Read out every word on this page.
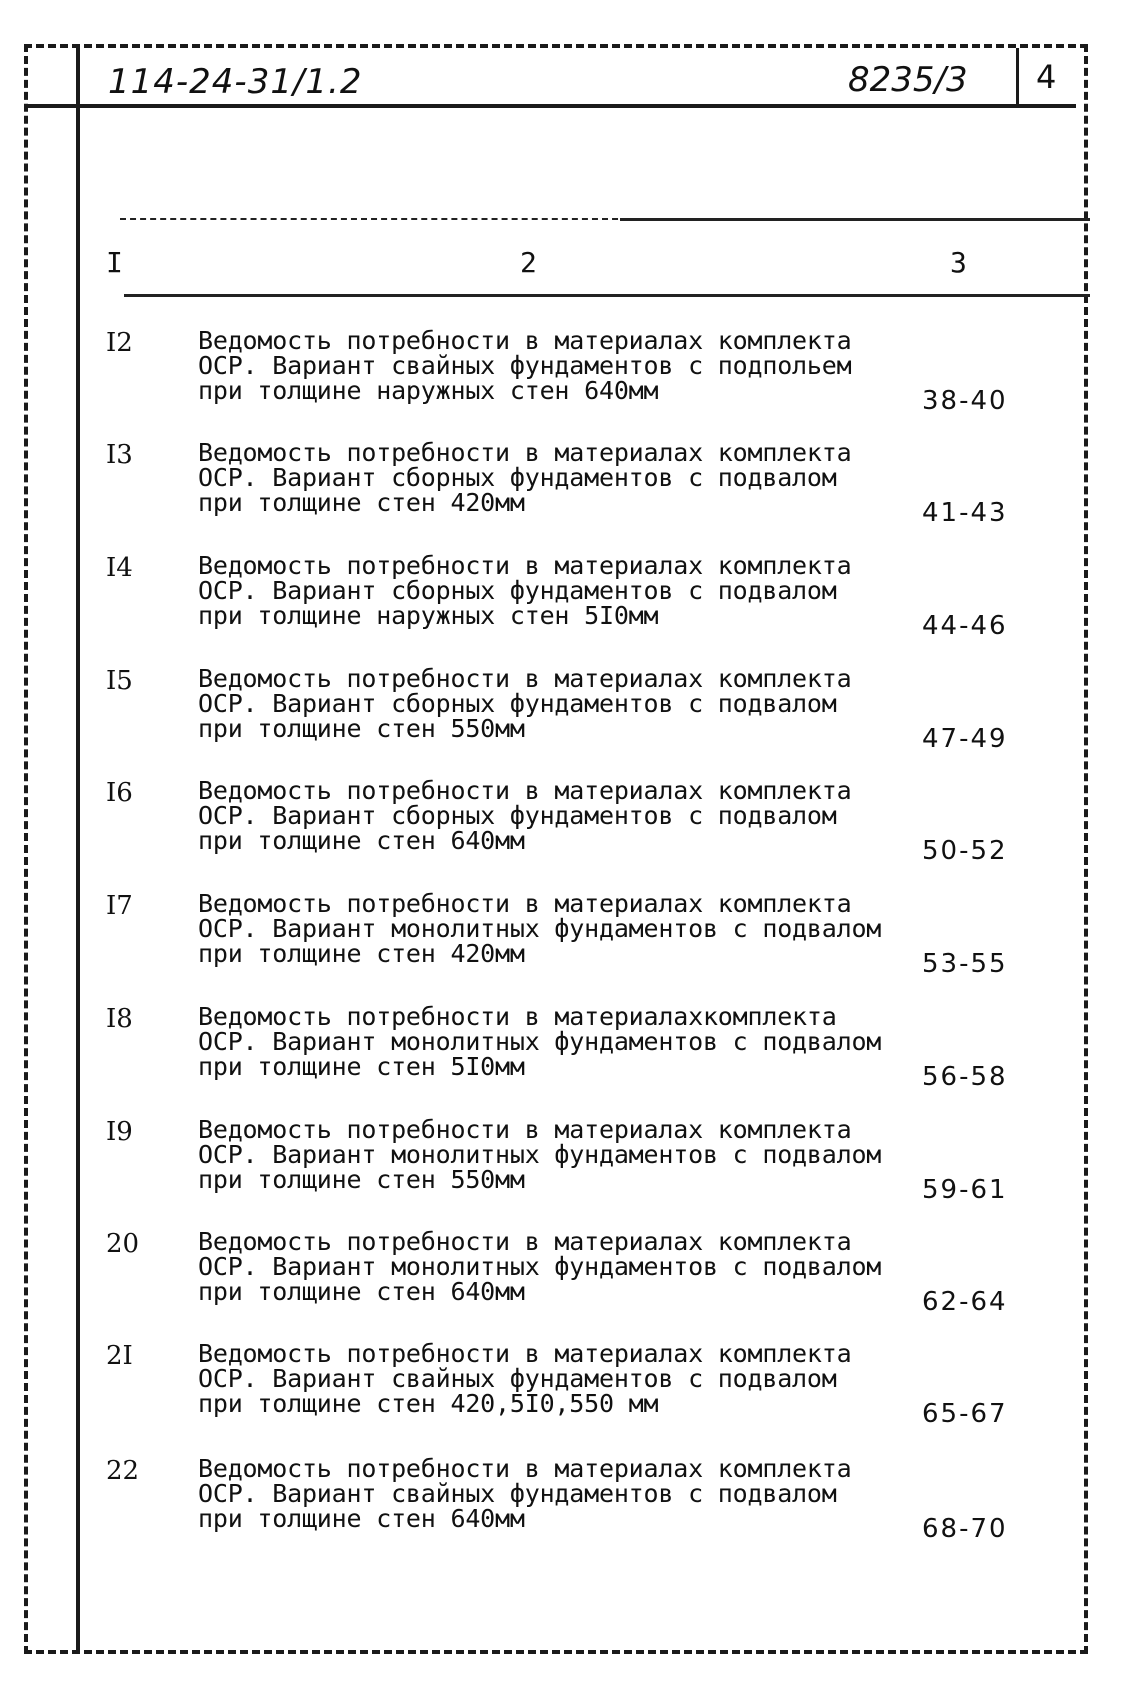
114-24-31/1.2	8235/3 4
I	2	3
I2	Ведомость потребности в материалах комплекта
ОСР. Вариант свайных фундаментов с подпольем
при толщине наружных стен 640мм	38-40
I3	Ведомость потребности в материалах комплекта
ОСР. Вариант сборных фундаментов с подвалом
при толщине стен 420мм	41-43
I4	Ведомость потребности в материалах комплекта
ОСР. Вариант сборных фундаментов с подвалом
при толщине наружных стен 5I0мм	44-46
I5	Ведомость потребности в материалах комплекта
ОСР. Вариант сборных фундаментов с подвалом
при толщине стен 550мм	47-49
I6	Ведомость потребности в материалах комплекта
ОСР. Вариант сборных фундаментов с подвалом
при толщине стен 640мм	50-52
I7	Ведомость потребности в материалах комплекта
ОСР. Вариант монолитных фундаментов с подвалом
при толщине стен 420мм	53-55
I8	Ведомость потребности в материалахкомплекта
ОСР. Вариант монолитных фундаментов с подвалом
при толщине стен 5I0мм	56-58
I9	Ведомость потребности в материалах комплекта
ОСР. Вариант монолитных фундаментов с подвалом
при толщине стен 550мм	59-61
20 Ведомость потребности в материалах комплекта
ОСР. Вариант монолитных фундаментов с подвалом
при толщине стен 640мм	62-64
2I	Ведомость потребности в материалах комплекта
ОСР. Вариант свайных фундаментов с подвалом
при толщине стен 420,5I0,550 мм	65-67
22 Ведомость потребности в материалах комплекта
ОСР. Вариант свайных фундаментов с подвалом
при толщине стен 640мм	68-70
